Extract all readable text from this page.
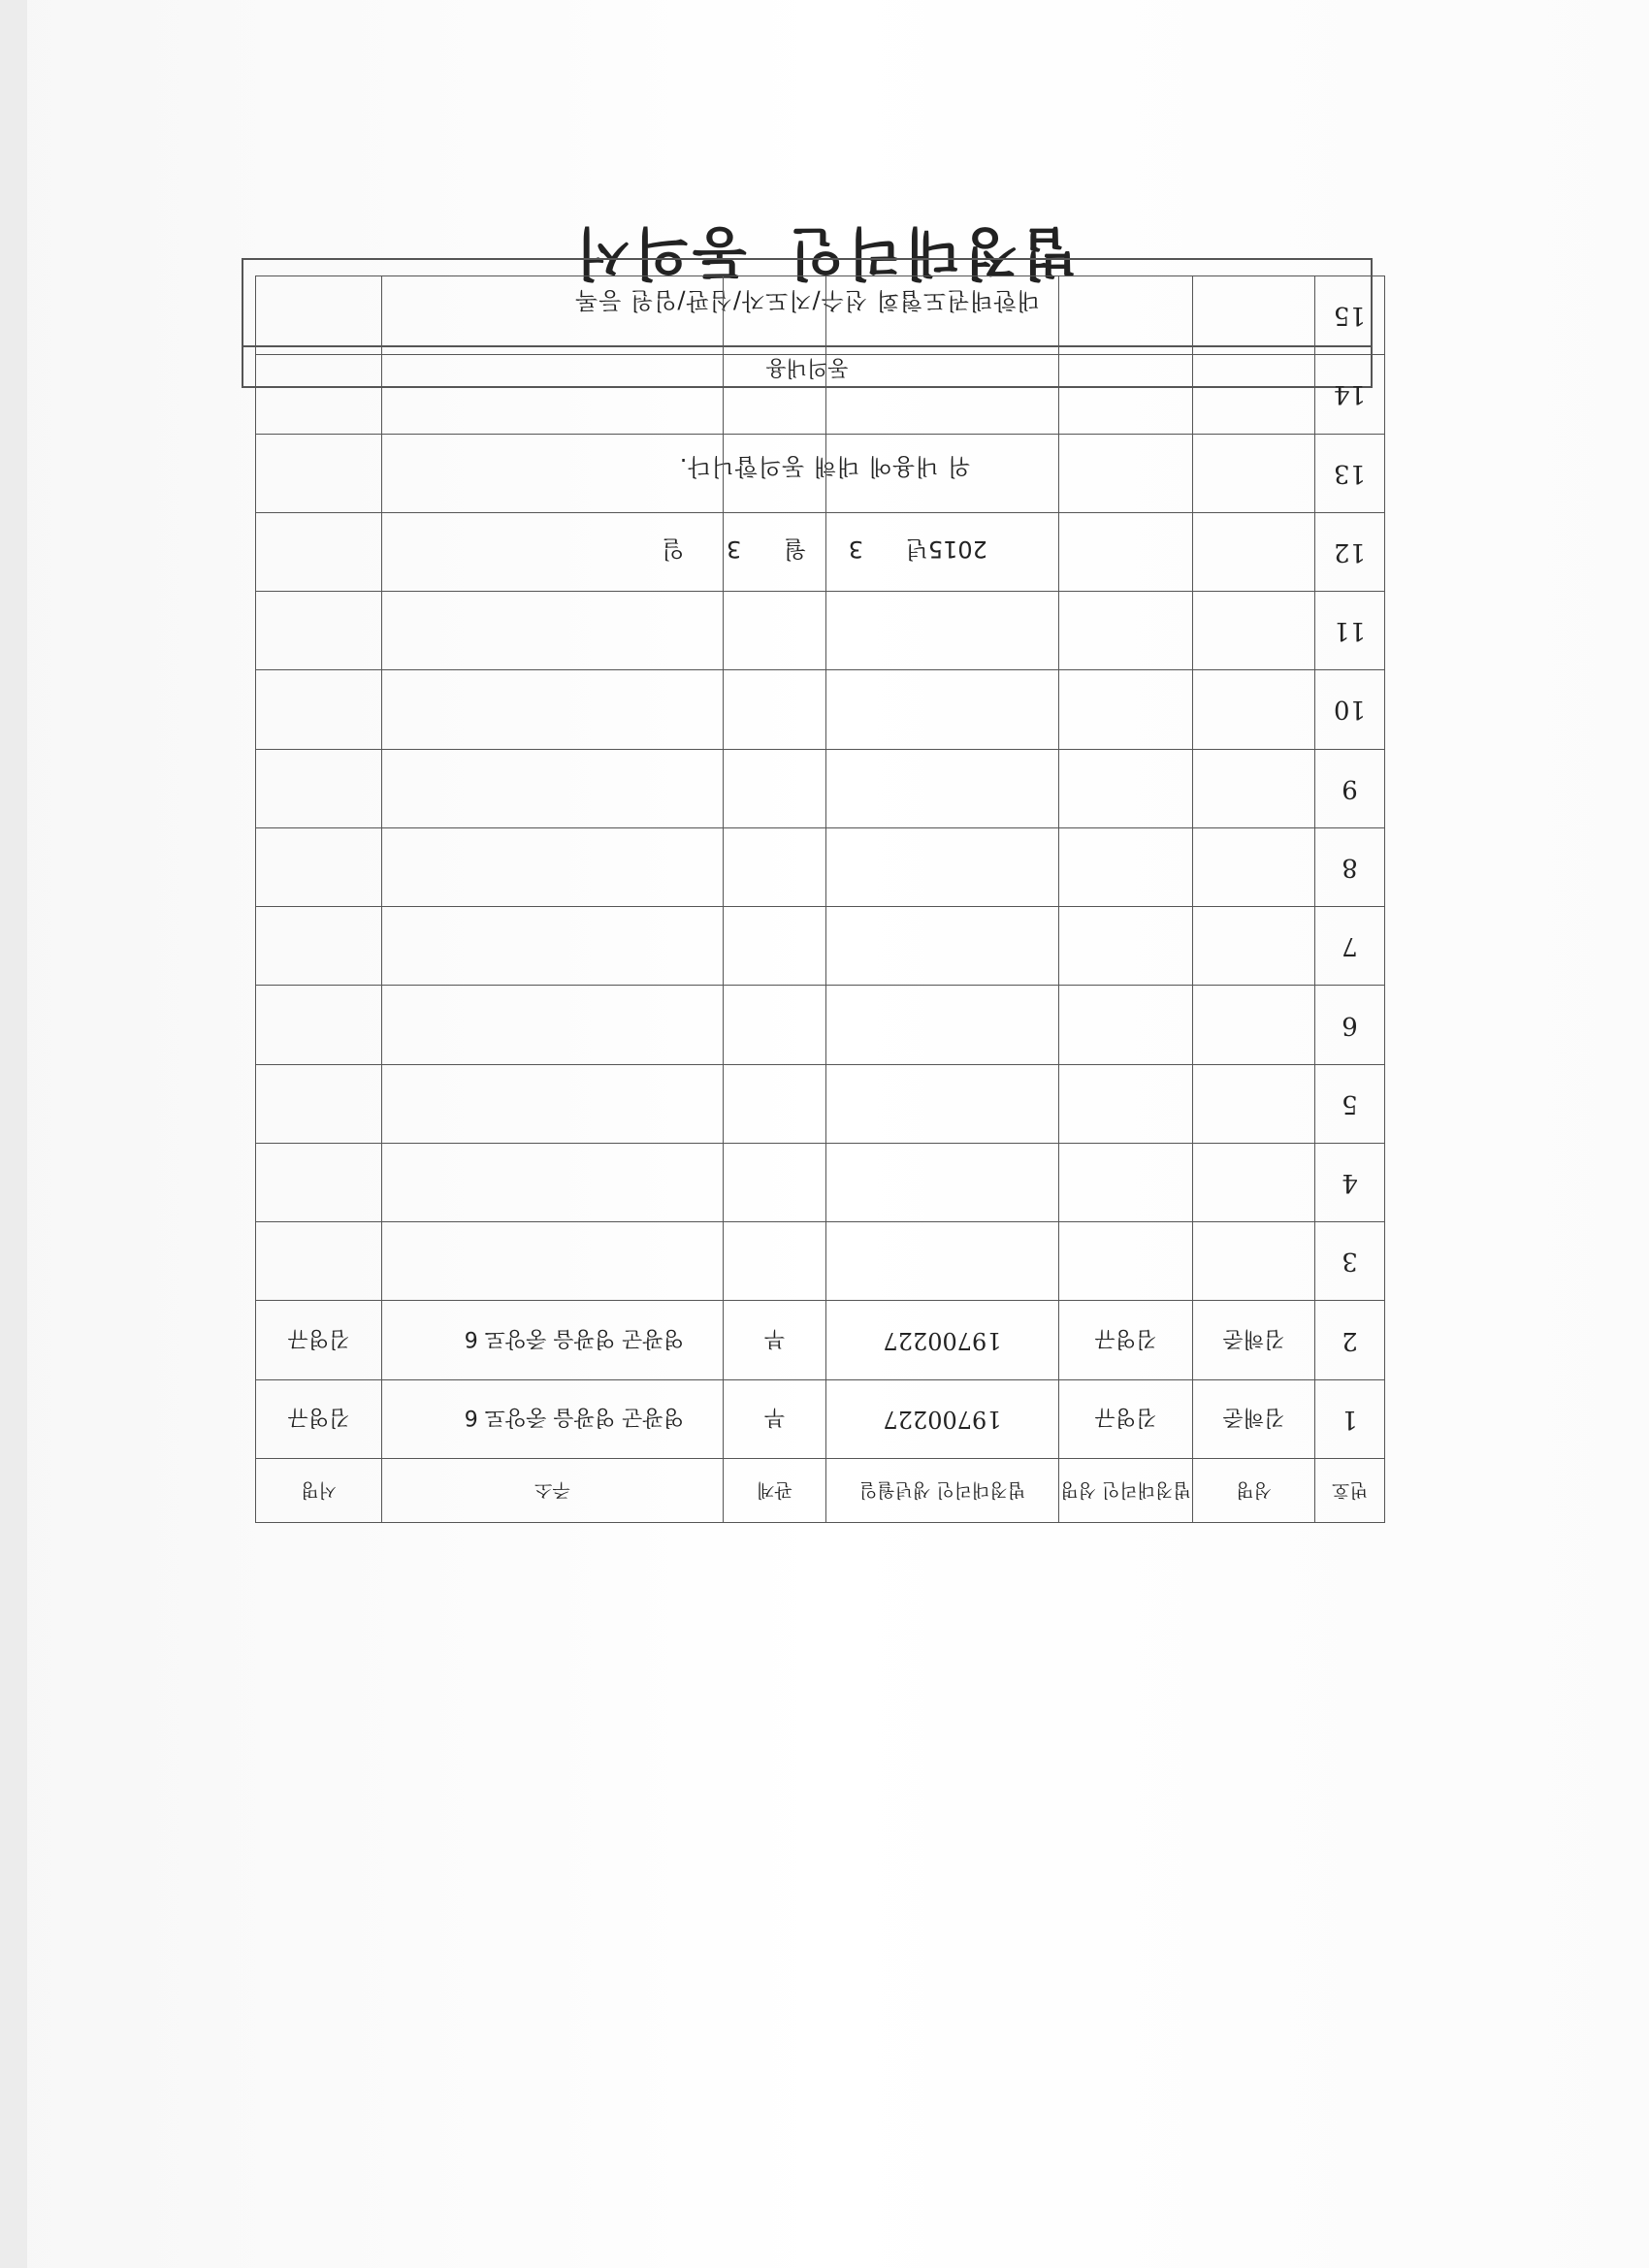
법정대리인동의서
동의내용
대한태권도협회 선수/지도자/심판/임원 등록
위 내용에 대해 동의합니다.
2015년 3 월 3 일
번호	성명	법정대리인 성명	법정대리인 생년월일	관계	주소	서명
1	김해준	김영규	19700227	부	영광군 영광읍 중앙로 6	김영규
2	김해준	김영규	19700227	부	영광군 영광읍 중앙로 6	김영규
3						
4						
5						
6						
7						
8						
9						
10						
11						
12						
13						
14						
15						
